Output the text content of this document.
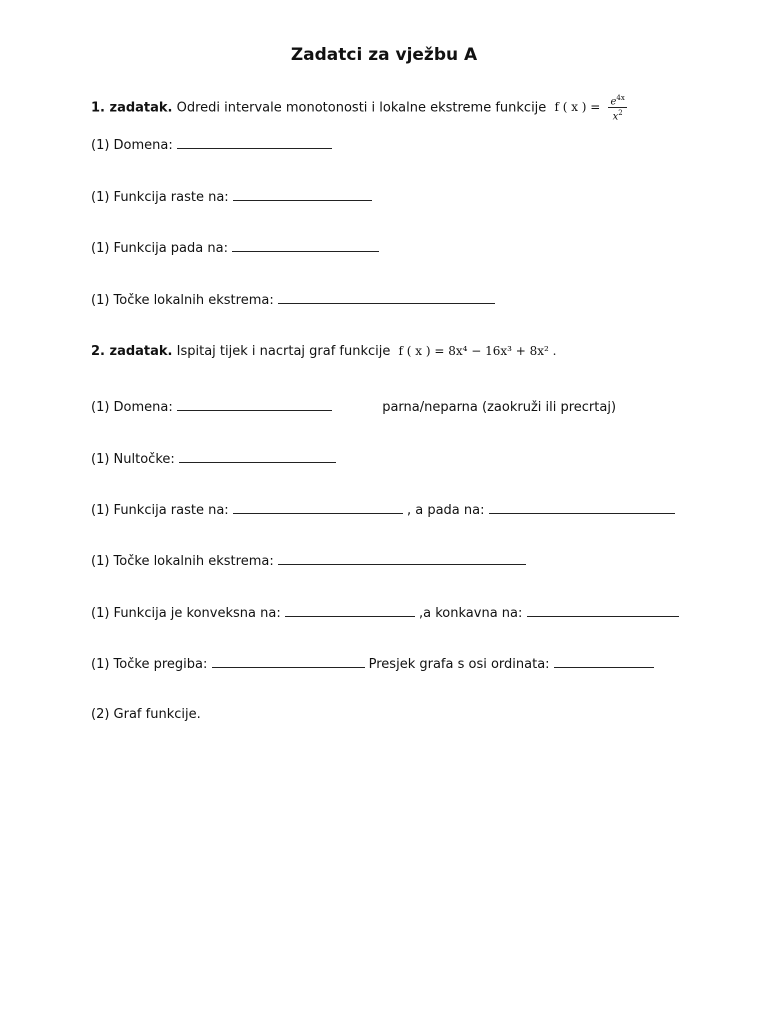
Zadatci za vježbu A
1. zadatak. Odredi intervale monotonosti i lokalne ekstreme funkcije f ( x ) = $\frac{e^{4x}}{x^2}$
(1) Domena:
(1) Funkcija raste na:
(1) Funkcija pada na:
(1) Točke lokalnih ekstrema:
2. zadatak. Ispitaj tijek i nacrtaj graf funkcije f ( x ) = 8x⁴ − 16x³ + 8x² .
(1) Domena:	parna/neparna (zaokruži ili precrtaj)
(1) Nultočke:
(1) Funkcija raste na:	, a pada na:
(1) Točke lokalnih ekstrema:
(1) Funkcija je konveksna na:	,a konkavna na:
(1) Točke pregiba:	Presjek grafa s osi ordinata:
(2) Graf funkcije.
